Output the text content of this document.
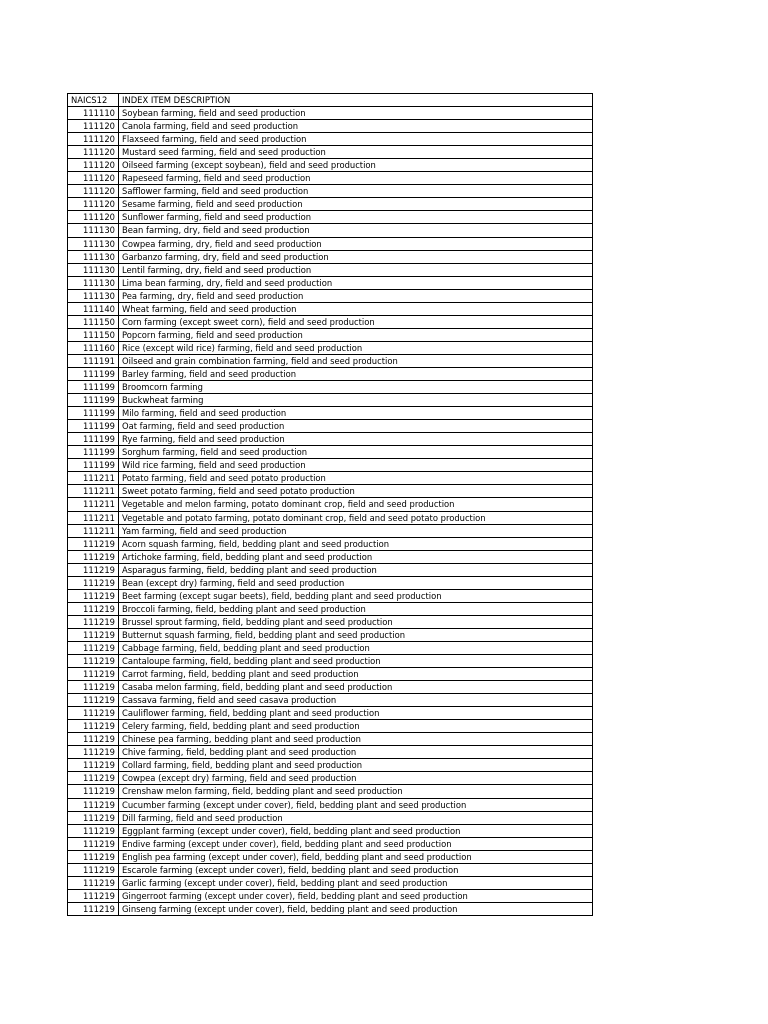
NAICS12	INDEX ITEM DESCRIPTION
111110	Soybean farming, field and seed production
111120	Canola farming, field and seed production
111120	Flaxseed farming, field and seed production
111120	Mustard seed farming, field and seed production
111120	Oilseed farming (except soybean), field and seed production
111120	Rapeseed farming, field and seed production
111120	Safflower farming, field and seed production
111120	Sesame farming, field and seed production
111120	Sunflower farming, field and seed production
111130	Bean farming, dry, field and seed production
111130	Cowpea farming, dry, field and seed production
111130	Garbanzo farming, dry, field and seed production
111130	Lentil farming, dry, field and seed production
111130	Lima bean farming, dry, field and seed production
111130	Pea farming, dry, field and seed production
111140	Wheat farming, field and seed production
111150	Corn farming (except sweet corn), field and seed production
111150	Popcorn farming, field and seed production
111160	Rice (except wild rice) farming, field and seed production
111191	Oilseed and grain combination farming, field and seed production
111199	Barley farming, field and seed production
111199	Broomcorn farming
111199	Buckwheat farming
111199	Milo farming, field and seed production
111199	Oat farming, field and seed production
111199	Rye farming, field and seed production
111199	Sorghum farming, field and seed production
111199	Wild rice farming, field and seed production
111211	Potato farming, field and seed potato production
111211	Sweet potato farming, field and seed potato production
111211	Vegetable and melon farming, potato dominant crop, field and seed production
111211	Vegetable and potato farming, potato dominant crop, field and seed potato production
111211	Yam farming, field and seed production
111219	Acorn squash farming, field, bedding plant and seed production
111219	Artichoke farming, field, bedding plant and seed production
111219	Asparagus farming, field, bedding plant and seed production
111219	Bean (except dry) farming, field and seed production
111219	Beet farming (except sugar beets), field, bedding plant and seed production
111219	Broccoli farming, field, bedding plant and seed production
111219	Brussel sprout farming, field, bedding plant and seed production
111219	Butternut squash farming, field, bedding plant and seed production
111219	Cabbage farming, field, bedding plant and seed production
111219	Cantaloupe farming, field, bedding plant and seed production
111219	Carrot farming, field, bedding plant and seed production
111219	Casaba melon farming, field, bedding plant and seed production
111219	Cassava farming, field and seed casava production
111219	Cauliflower farming, field, bedding plant and seed production
111219	Celery farming, field, bedding plant and seed production
111219	Chinese pea farming, bedding plant and seed production
111219	Chive farming, field, bedding plant and seed production
111219	Collard farming, field, bedding plant and seed production
111219	Cowpea (except dry) farming, field and seed production
111219	Crenshaw melon farming, field, bedding plant and seed production
111219	Cucumber farming (except under cover), field, bedding plant and seed production
111219	Dill farming, field and seed production
111219	Eggplant farming (except under cover), field, bedding plant and seed production
111219	Endive farming (except under cover), field, bedding plant and seed production
111219	English pea farming (except under cover), field, bedding plant and seed production
111219	Escarole farming (except under cover), field, bedding plant and seed production
111219	Garlic farming (except under cover), field, bedding plant and seed production
111219	Gingerroot farming (except under cover), field, bedding plant and seed production
111219	Ginseng farming (except under cover), field, bedding plant and seed production
